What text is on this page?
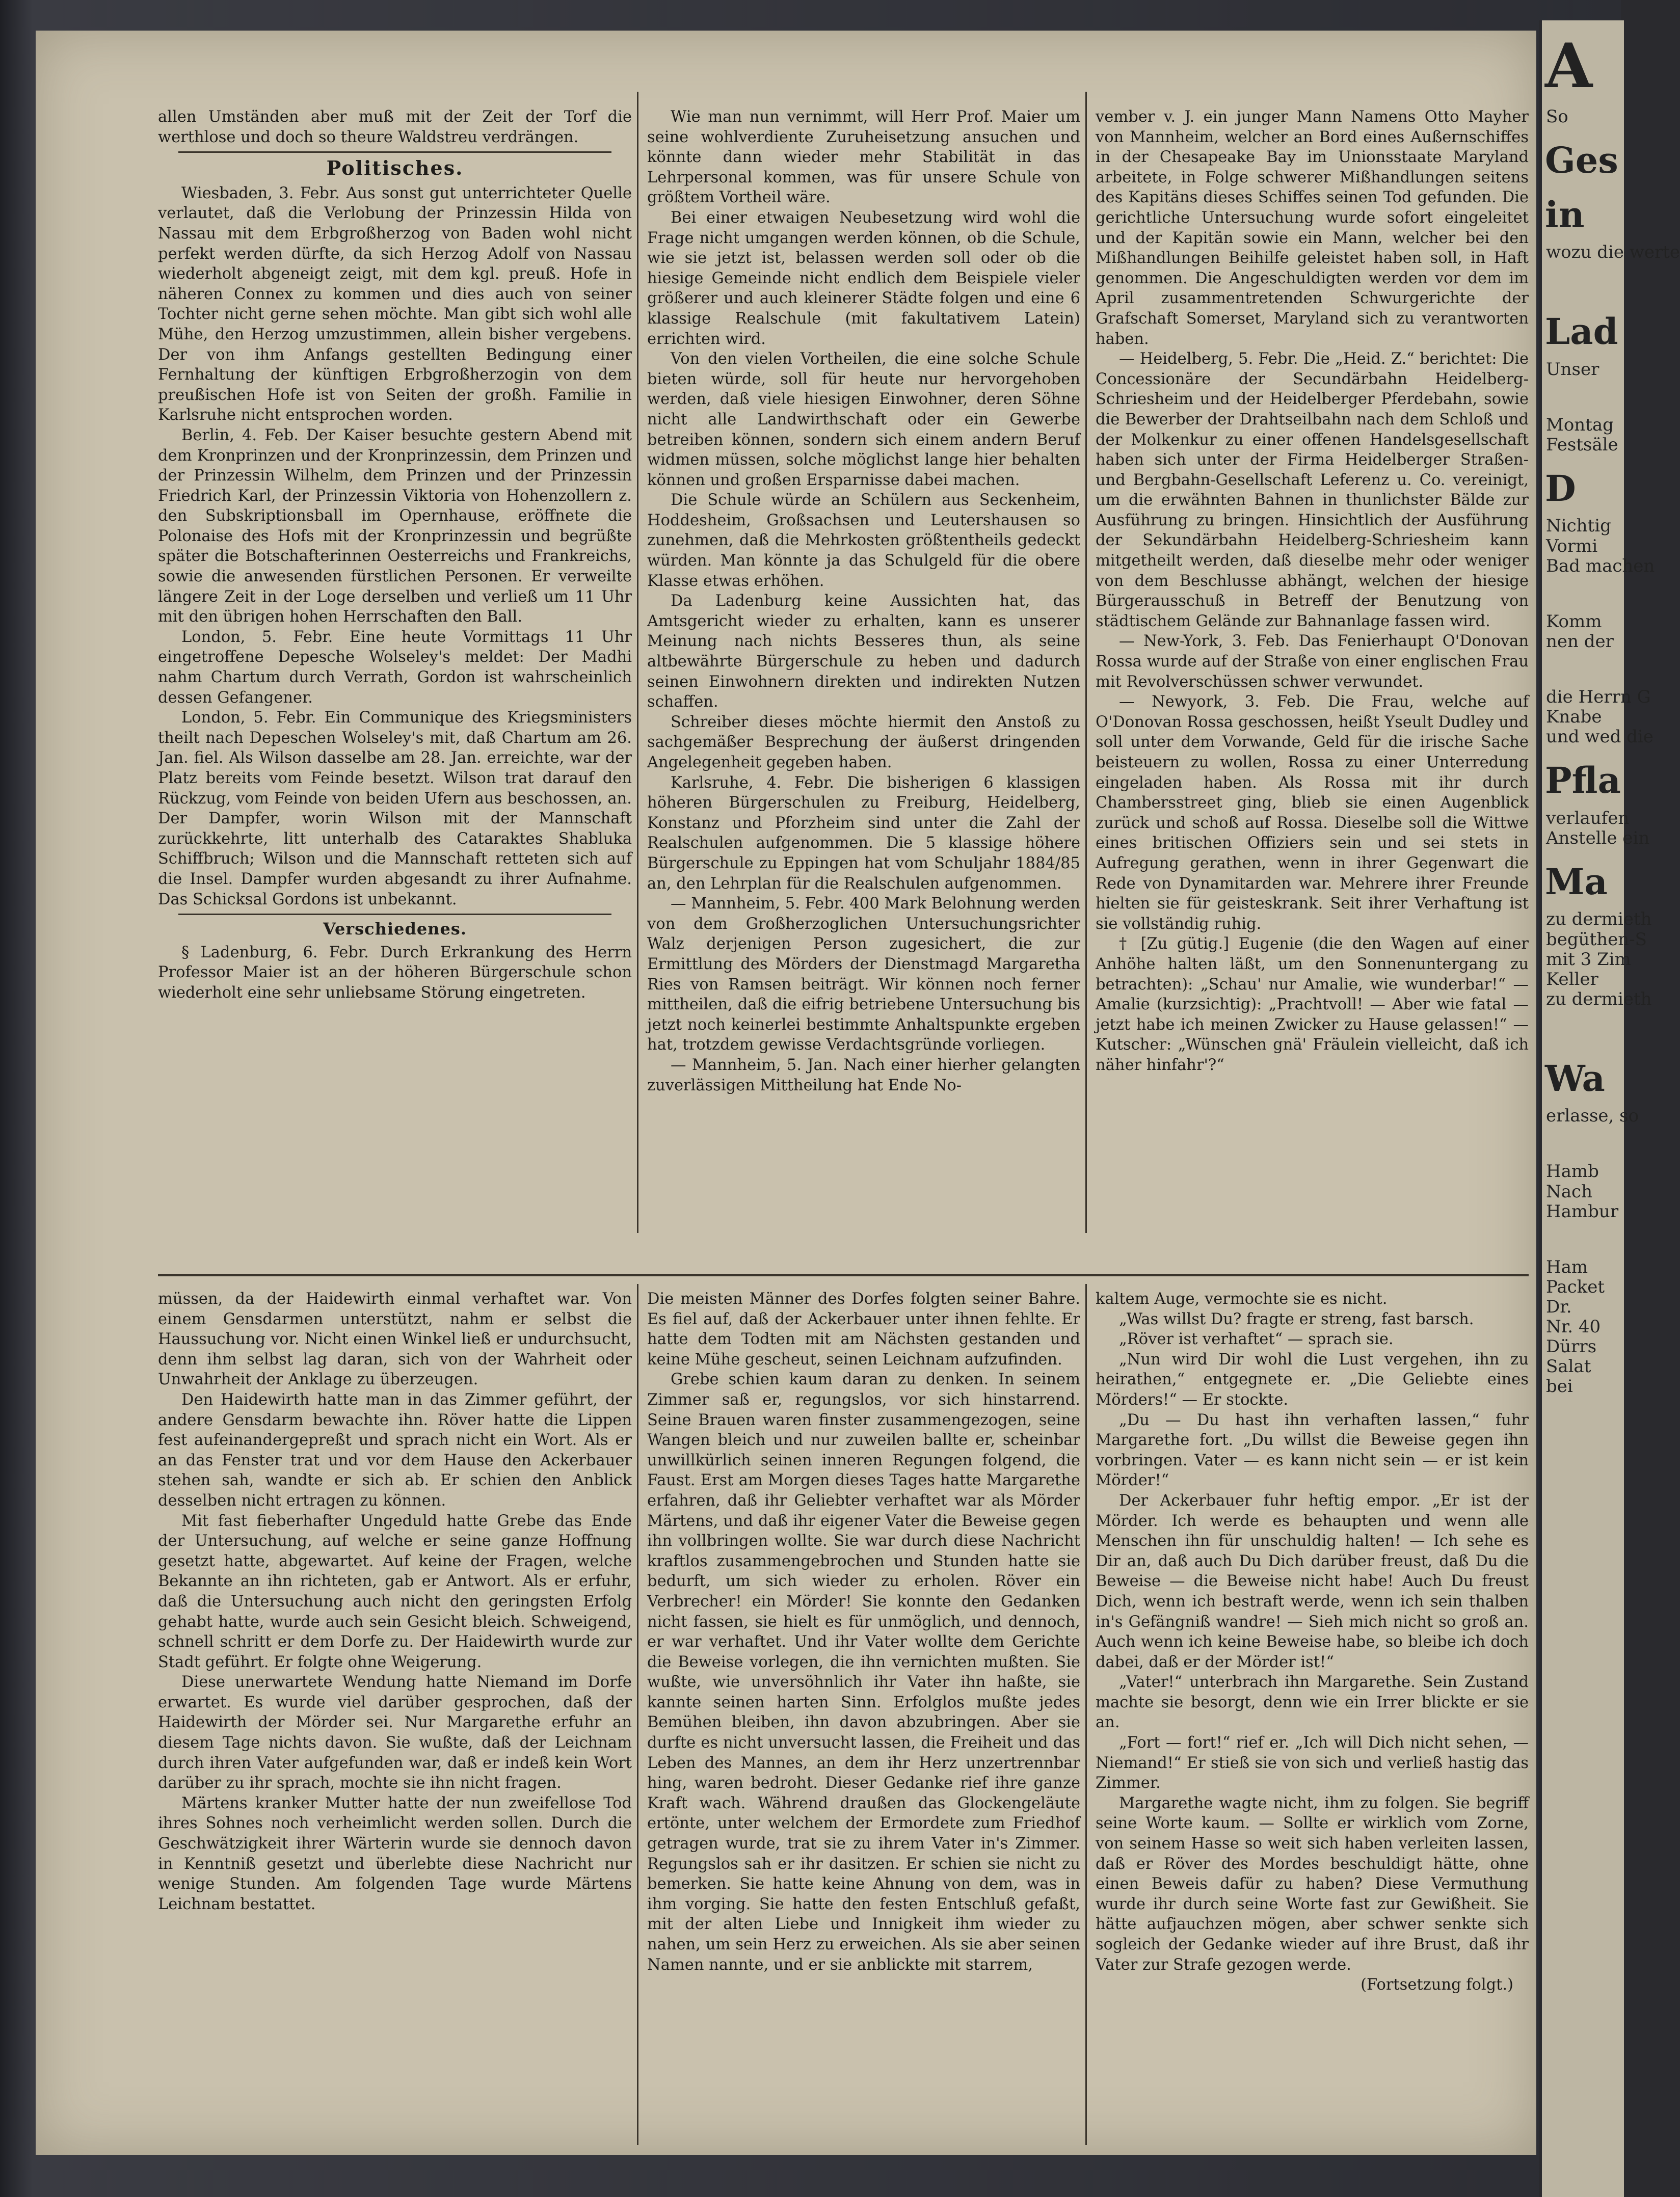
allen Umständen aber muß mit der Zeit der Torf die werthlose und doch so theure Waldstreu verdrängen.

Politisches.

Wiesbaden, 3. Febr. Aus sonst gut unterrichteter Quelle verlautet, daß die Verlobung der Prinzessin Hilda von Nassau mit dem Erbgroßherzog von Baden wohl nicht perfekt werden dürfte, da sich Herzog Adolf von Nassau wiederholt abgeneigt zeigt, mit dem kgl. preuß. Hofe in näheren Connex zu kommen und dies auch von seiner Tochter nicht gerne sehen möchte. Man gibt sich wohl alle Mühe, den Herzog umzustimmen, allein bisher vergebens. Der von ihm Anfangs gestellten Bedingung einer Fernhaltung der künftigen Erbgroßherzogin von dem preußischen Hofe ist von Seiten der großh. Familie in Karlsruhe nicht entsprochen worden.

Berlin, 4. Feb. Der Kaiser besuchte gestern Abend mit dem Kronprinzen und der Kronprinzessin, dem Prinzen und der Prinzessin Wilhelm, dem Prinzen und der Prinzessin Friedrich Karl, der Prinzessin Viktoria von Hohenzollern z. den Subskriptionsball im Opernhause, eröffnete die Polonaise des Hofs mit der Kronprinzessin und begrüßte später die Botschafterinnen Oesterreichs und Frankreichs, sowie die anwesenden fürstlichen Personen. Er verweilte längere Zeit in der Loge derselben und verließ um 11 Uhr mit den übrigen hohen Herrschaften den Ball.

London, 5. Febr. Eine heute Vormittags 11 Uhr eingetroffene Depesche Wolseley's meldet: Der Madhi nahm Chartum durch Verrath, Gordon ist wahrscheinlich dessen Gefangener.

London, 5. Febr. Ein Communique des Kriegsministers theilt nach Depeschen Wolseley's mit, daß Chartum am 26. Jan. fiel. Als Wilson dasselbe am 28. Jan. erreichte, war der Platz bereits vom Feinde besetzt. Wilson trat darauf den Rückzug, vom Feinde von beiden Ufern aus beschossen, an. Der Dampfer, worin Wilson mit der Mannschaft zurückkehrte, litt unterhalb des Cataraktes Shabluka Schiffbruch; Wilson und die Mannschaft retteten sich auf die Insel. Dampfer wurden abgesandt zu ihrer Aufnahme. Das Schicksal Gordons ist unbekannt.

Verschiedenes.

§ Ladenburg, 6. Febr. Durch Erkrankung des Herrn Professor Maier ist an der höheren Bürgerschule schon wiederholt eine sehr unliebsame Störung eingetreten.

Wie man nun vernimmt, will Herr Prof. Maier um seine wohlverdiente Zuruheisetzung ansuchen und könnte dann wieder mehr Stabilität in das Lehrpersonal kommen, was für unsere Schule von größtem Vortheil wäre.

Bei einer etwaigen Neubesetzung wird wohl die Frage nicht umgangen werden können, ob die Schule, wie sie jetzt ist, belassen werden soll oder ob die hiesige Gemeinde nicht endlich dem Beispiele vieler größerer und auch kleinerer Städte folgen und eine 6 klassige Realschule (mit fakultativem Latein) errichten wird.

Von den vielen Vortheilen, die eine solche Schule bieten würde, soll für heute nur hervorgehoben werden, daß viele hiesigen Einwohner, deren Söhne nicht alle Landwirthschaft oder ein Gewerbe betreiben können, sondern sich einem andern Beruf widmen müssen, solche möglichst lange hier behalten können und großen Ersparnisse dabei machen.

Die Schule würde an Schülern aus Seckenheim, Hoddesheim, Großsachsen und Leutershausen so zunehmen, daß die Mehrkosten größtentheils gedeckt würden. Man könnte ja das Schulgeld für die obere Klasse etwas erhöhen.

Da Ladenburg keine Aussichten hat, das Amtsgericht wieder zu erhalten, kann es unserer Meinung nach nichts Besseres thun, als seine altbewährte Bürgerschule zu heben und dadurch seinen Einwohnern direkten und indirekten Nutzen schaffen.

Schreiber dieses möchte hiermit den Anstoß zu sachgemäßer Besprechung der äußerst dringenden Angelegenheit gegeben haben.

Karlsruhe, 4. Febr. Die bisherigen 6 klassigen höheren Bürgerschulen zu Freiburg, Heidelberg, Konstanz und Pforzheim sind unter die Zahl der Realschulen aufgenommen. Die 5 klassige höhere Bürgerschule zu Eppingen hat vom Schuljahr 1884/85 an, den Lehrplan für die Realschulen aufgenommen.

— Mannheim, 5. Febr. 400 Mark Belohnung werden von dem Großherzoglichen Untersuchungsrichter Walz derjenigen Person zugesichert, die zur Ermittlung des Mörders der Dienstmagd Margaretha Ries von Ramsen beiträgt. Wir können noch ferner mittheilen, daß die eifrig betriebene Untersuchung bis jetzt noch keinerlei bestimmte Anhaltspunkte ergeben hat, trotzdem gewisse Verdachtsgründe vorliegen.

— Mannheim, 5. Jan. Nach einer hierher gelangten zuverlässigen Mittheilung hat Ende No-

vember v. J. ein junger Mann Namens Otto Mayher von Mannheim, welcher an Bord eines Außernschiffes in der Chesapeake Bay im Unionsstaate Maryland arbeitete, in Folge schwerer Mißhandlungen seitens des Kapitäns dieses Schiffes seinen Tod gefunden. Die gerichtliche Untersuchung wurde sofort eingeleitet und der Kapitän sowie ein Mann, welcher bei den Mißhandlungen Beihilfe geleistet haben soll, in Haft genommen. Die Angeschuldigten werden vor dem im April zusammentretenden Schwurgerichte der Grafschaft Somerset, Maryland sich zu verantworten haben.

— Heidelberg, 5. Febr. Die „Heid. Z.“ berichtet: Die Concessionäre der Secundärbahn Heidelberg-Schriesheim und der Heidelberger Pferdebahn, sowie die Bewerber der Drahtseilbahn nach dem Schloß und der Molkenkur zu einer offenen Handelsgesellschaft haben sich unter der Firma Heidelberger Straßen- und Bergbahn-Gesellschaft Leferenz u. Co. vereinigt, um die erwähnten Bahnen in thunlichster Bälde zur Ausführung zu bringen. Hinsichtlich der Ausführung der Sekundärbahn Heidelberg-Schriesheim kann mitgetheilt werden, daß dieselbe mehr oder weniger von dem Beschlusse abhängt, welchen der hiesige Bürgerausschuß in Betreff der Benutzung von städtischem Gelände zur Bahnanlage fassen wird.

— New-York, 3. Feb. Das Fenierhaupt O'Donovan Rossa wurde auf der Straße von einer englischen Frau mit Revolverschüssen schwer verwundet.

— Newyork, 3. Feb. Die Frau, welche auf O'Donovan Rossa geschossen, heißt Yseult Dudley und soll unter dem Vorwande, Geld für die irische Sache beisteuern zu wollen, Rossa zu einer Unterredung eingeladen haben. Als Rossa mit ihr durch Chambersstreet ging, blieb sie einen Augenblick zurück und schoß auf Rossa. Dieselbe soll die Wittwe eines britischen Offiziers sein und sei stets in Aufregung gerathen, wenn in ihrer Gegenwart die Rede von Dynamitarden war. Mehrere ihrer Freunde hielten sie für geisteskrank. Seit ihrer Verhaftung ist sie vollständig ruhig.

† [Zu gütig.] Eugenie (die den Wagen auf einer Anhöhe halten läßt, um den Sonnenuntergang zu betrachten): „Schau' nur Amalie, wie wunderbar!“ — Amalie (kurzsichtig): „Prachtvoll! — Aber wie fatal — jetzt habe ich meinen Zwicker zu Hause gelassen!“ — Kutscher: „Wünschen gnä' Fräulein vielleicht, daß ich näher hinfahr'?“

müssen, da der Haidewirth einmal verhaftet war. Von einem Gensdarmen unterstützt, nahm er selbst die Haussuchung vor. Nicht einen Winkel ließ er undurchsucht, denn ihm selbst lag daran, sich von der Wahrheit oder Unwahrheit der Anklage zu überzeugen.

Den Haidewirth hatte man in das Zimmer geführt, der andere Gensdarm bewachte ihn. Röver hatte die Lippen fest aufeinandergepreßt und sprach nicht ein Wort. Als er an das Fenster trat und vor dem Hause den Ackerbauer stehen sah, wandte er sich ab. Er schien den Anblick desselben nicht ertragen zu können.

Mit fast fieberhafter Ungeduld hatte Grebe das Ende der Untersuchung, auf welche er seine ganze Hoffnung gesetzt hatte, abgewartet. Auf keine der Fragen, welche Bekannte an ihn richteten, gab er Antwort. Als er erfuhr, daß die Untersuchung auch nicht den geringsten Erfolg gehabt hatte, wurde auch sein Gesicht bleich. Schweigend, schnell schritt er dem Dorfe zu. Der Haidewirth wurde zur Stadt geführt. Er folgte ohne Weigerung.

Diese unerwartete Wendung hatte Niemand im Dorfe erwartet. Es wurde viel darüber gesprochen, daß der Haidewirth der Mörder sei. Nur Margarethe erfuhr an diesem Tage nichts davon. Sie wußte, daß der Leichnam durch ihren Vater aufgefunden war, daß er indeß kein Wort darüber zu ihr sprach, mochte sie ihn nicht fragen.

Märtens kranker Mutter hatte der nun zweifellose Tod ihres Sohnes noch verheimlicht werden sollen. Durch die Geschwätzigkeit ihrer Wärterin wurde sie dennoch davon in Kenntniß gesetzt und überlebte diese Nachricht nur wenige Stunden. Am folgenden Tage wurde Märtens Leichnam bestattet.

Die meisten Männer des Dorfes folgten seiner Bahre. Es fiel auf, daß der Ackerbauer unter ihnen fehlte. Er hatte dem Todten mit am Nächsten gestanden und keine Mühe gescheut, seinen Leichnam aufzufinden.

Grebe schien kaum daran zu denken. In seinem Zimmer saß er, regungslos, vor sich hinstarrend. Seine Brauen waren finster zusammengezogen, seine Wangen bleich und nur zuweilen ballte er, scheinbar unwillkürlich seinen inneren Regungen folgend, die Faust. Erst am Morgen dieses Tages hatte Margarethe erfahren, daß ihr Geliebter verhaftet war als Mörder Märtens, und daß ihr eigener Vater die Beweise gegen ihn vollbringen wollte. Sie war durch diese Nachricht kraftlos zusammengebrochen und Stunden hatte sie bedurft, um sich wieder zu erholen. Röver ein Verbrecher! ein Mörder! Sie konnte den Gedanken nicht fassen, sie hielt es für unmöglich, und dennoch, er war verhaftet. Und ihr Vater wollte dem Gerichte die Beweise vorlegen, die ihn vernichten mußten. Sie wußte, wie unversöhnlich ihr Vater ihn haßte, sie kannte seinen harten Sinn. Erfolglos mußte jedes Bemühen bleiben, ihn davon abzubringen. Aber sie durfte es nicht unversucht lassen, die Freiheit und das Leben des Mannes, an dem ihr Herz unzertrennbar hing, waren bedroht. Dieser Gedanke rief ihre ganze Kraft wach. Während draußen das Glockengeläute ertönte, unter welchem der Ermordete zum Friedhof getragen wurde, trat sie zu ihrem Vater in's Zimmer. Regungslos sah er ihr dasitzen. Er schien sie nicht zu bemerken. Sie hatte keine Ahnung von dem, was in ihm vorging. Sie hatte den festen Entschluß gefaßt, mit der alten Liebe und Innigkeit ihm wieder zu nahen, um sein Herz zu erweichen. Als sie aber seinen Namen nannte, und er sie anblickte mit starrem,

kaltem Auge, vermochte sie es nicht.

„Was willst Du? fragte er streng, fast barsch.

„Röver ist verhaftet“ — sprach sie.

„Nun wird Dir wohl die Lust vergehen, ihn zu heirathen,“ entgegnete er. „Die Geliebte eines Mörders!“ — Er stockte.

„Du — Du hast ihn verhaften lassen,“ fuhr Margarethe fort. „Du willst die Beweise gegen ihn vorbringen. Vater — es kann nicht sein — er ist kein Mörder!“

Der Ackerbauer fuhr heftig empor. „Er ist der Mörder. Ich werde es behaupten und wenn alle Menschen ihn für unschuldig halten! — Ich sehe es Dir an, daß auch Du Dich darüber freust, daß Du die Beweise — die Beweise nicht habe! Auch Du freust Dich, wenn ich bestraft werde, wenn ich sein thalben in's Gefängniß wandre! — Sieh mich nicht so groß an. Auch wenn ich keine Beweise habe, so bleibe ich doch dabei, daß er der Mörder ist!“

„Vater!“ unterbrach ihn Margarethe. Sein Zustand machte sie besorgt, denn wie ein Irrer blickte er sie an.

„Fort — fort!“ rief er. „Ich will Dich nicht sehen, — Niemand!“ Er stieß sie von sich und verließ hastig das Zimmer.

Margarethe wagte nicht, ihm zu folgen. Sie begriff seine Worte kaum. — Sollte er wirklich vom Zorne, von seinem Hasse so weit sich haben verleiten lassen, daß er Röver des Mordes beschuldigt hätte, ohne einen Beweis dafür zu haben? Diese Vermuthung wurde ihr durch seine Worte fast zur Gewißheit. Sie hätte aufjauchzen mögen, aber schwer senkte sich sogleich der Gedanke wieder auf ihre Brust, daß ihr Vater zur Strafe gezogen werde.

(Fortsetzung folgt.)

A
So
Ges
in
wozu die werte
Lad
Unser
Montag
Festsäle
D
Nichtig
Vormi
Bad machen
Komm
nen der
die Herrn G
Knabe
und wed die
Pfla
verlaufen
Anstelle ein
Ma
zu dermieth
begüthen-S
mit 3 Zim
Keller
zu dermieth
Wa
erlasse, so
Hamb
Nach
Hambur
Ham
Packet
Dr.
Nr. 40
Dürrs
Salat
bei
